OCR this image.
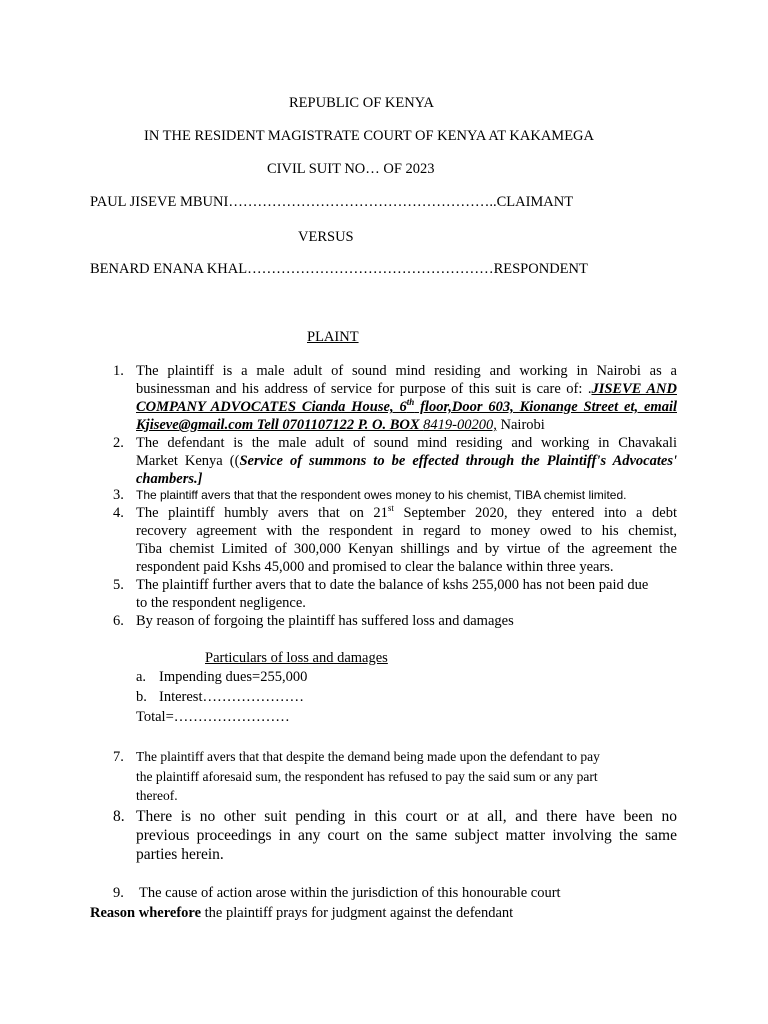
REPUBLIC OF KENYA
IN THE RESIDENT MAGISTRATE COURT OF KENYA AT KAKAMEGA
CIVIL SUIT NO… OF 2023
PAUL JISEVE MBUNI………………………………………………..CLAIMANT
VERSUS
BENARD ENANA KHAL……………………………………………RESPONDENT
PLAINT
1. The plaintiff is a male adult of sound mind residing and working in Nairobi as a
businessman and his address of service for purpose of this suit is care of: .JISEVE AND
COMPANY ADVOCATES Cianda House, 6th floor,Door 603, Kionange Street et, email
Kjiseve@gmail.com Tell 0701107122 P. O. BOX 8419-00200, Nairobi
2. The defendant is the male adult of sound mind residing and working in Chavakali
Market Kenya ((Service of summons to be effected through the Plaintiff's Advocates'
chambers.]
3. The plaintiff avers that that the respondent owes money to his chemist, TIBA chemist limited.
4. The plaintiff humbly avers that on 21st September 2020, they entered into a debt
recovery agreement with the respondent in regard to money owed to his chemist,
Tiba chemist Limited of 300,000 Kenyan shillings and by virtue of the agreement the
respondent paid Kshs 45,000 and promised to clear the balance within three years.
5. The plaintiff further avers that to date the balance of kshs 255,000 has not been paid due
to the respondent negligence.
6. By reason of forgoing the plaintiff has suffered loss and damages
Particulars of loss and damages
a. Impending dues=255,000
b. Interest…………………
Total=……………………
7. The plaintiff avers that that despite the demand being made upon the defendant to pay
the plaintiff aforesaid sum, the respondent has refused to pay the said sum or any part
thereof.
8. There is no other suit pending in this court or at all, and there have been no
previous proceedings in any court on the same subject matter involving the same
parties herein.
9. The cause of action arose within the jurisdiction of this honourable court
Reason wherefore the plaintiff prays for judgment against the defendant
